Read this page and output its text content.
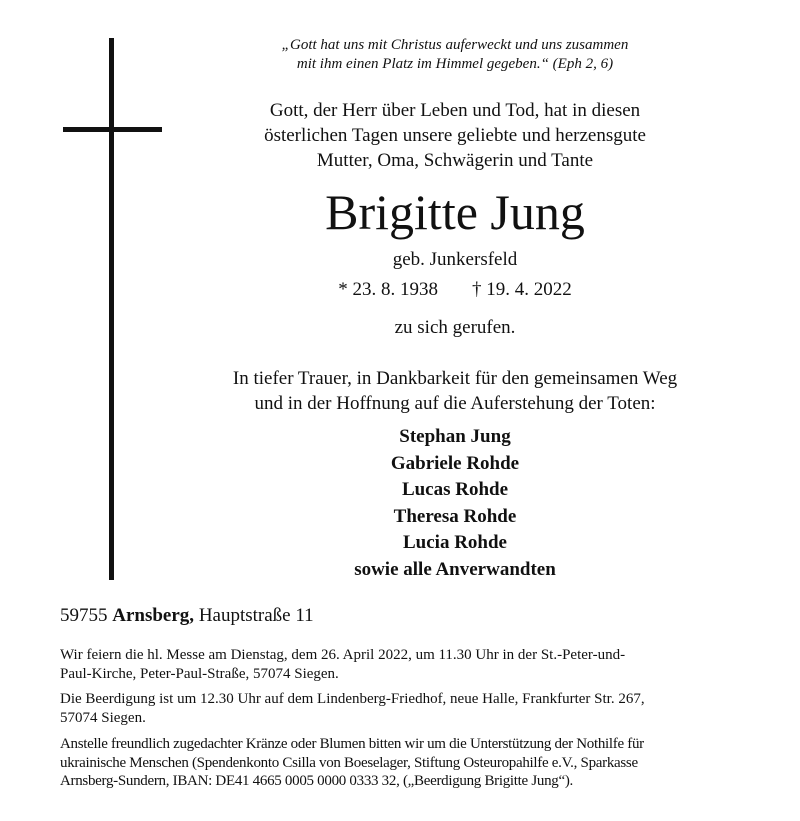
„Gott hat uns mit Christus auferweckt und uns zusammen
mit ihm einen Platz im Himmel gegeben.“ (Eph 2, 6)
Gott, der Herr über Leben und Tod, hat in diesen
österlichen Tagen unsere geliebte und herzensgute
Mutter, Oma, Schwägerin und Tante
Brigitte Jung
geb. Junkersfeld
* 23. 8. 1938 † 19. 4. 2022
zu sich gerufen.
In tiefer Trauer, in Dankbarkeit für den gemeinsamen Weg
und in der Hoffnung auf die Auferstehung der Toten:
Stephan Jung
Gabriele Rohde
Lucas Rohde
Theresa Rohde
Lucia Rohde
sowie alle Anverwandten
59755 Arnsberg, Hauptstraße 11
Wir feiern die hl. Messe am Dienstag, dem 26. April 2022, um 11.30 Uhr in der St.-Peter-und-
Paul-Kirche, Peter-Paul-Straße, 57074 Siegen.
Die Beerdigung ist um 12.30 Uhr auf dem Lindenberg-Friedhof, neue Halle, Frankfurter Str. 267,
57074 Siegen.
Anstelle freundlich zugedachter Kränze oder Blumen bitten wir um die Unterstützung der Nothilfe für
ukrainische Menschen (Spendenkonto Csilla von Boeselager, Stiftung Osteuropahilfe e.V., Sparkasse
Arnsberg-Sundern, IBAN: DE41 4665 0005 0000 0333 32, („Beerdigung Brigitte Jung“).
